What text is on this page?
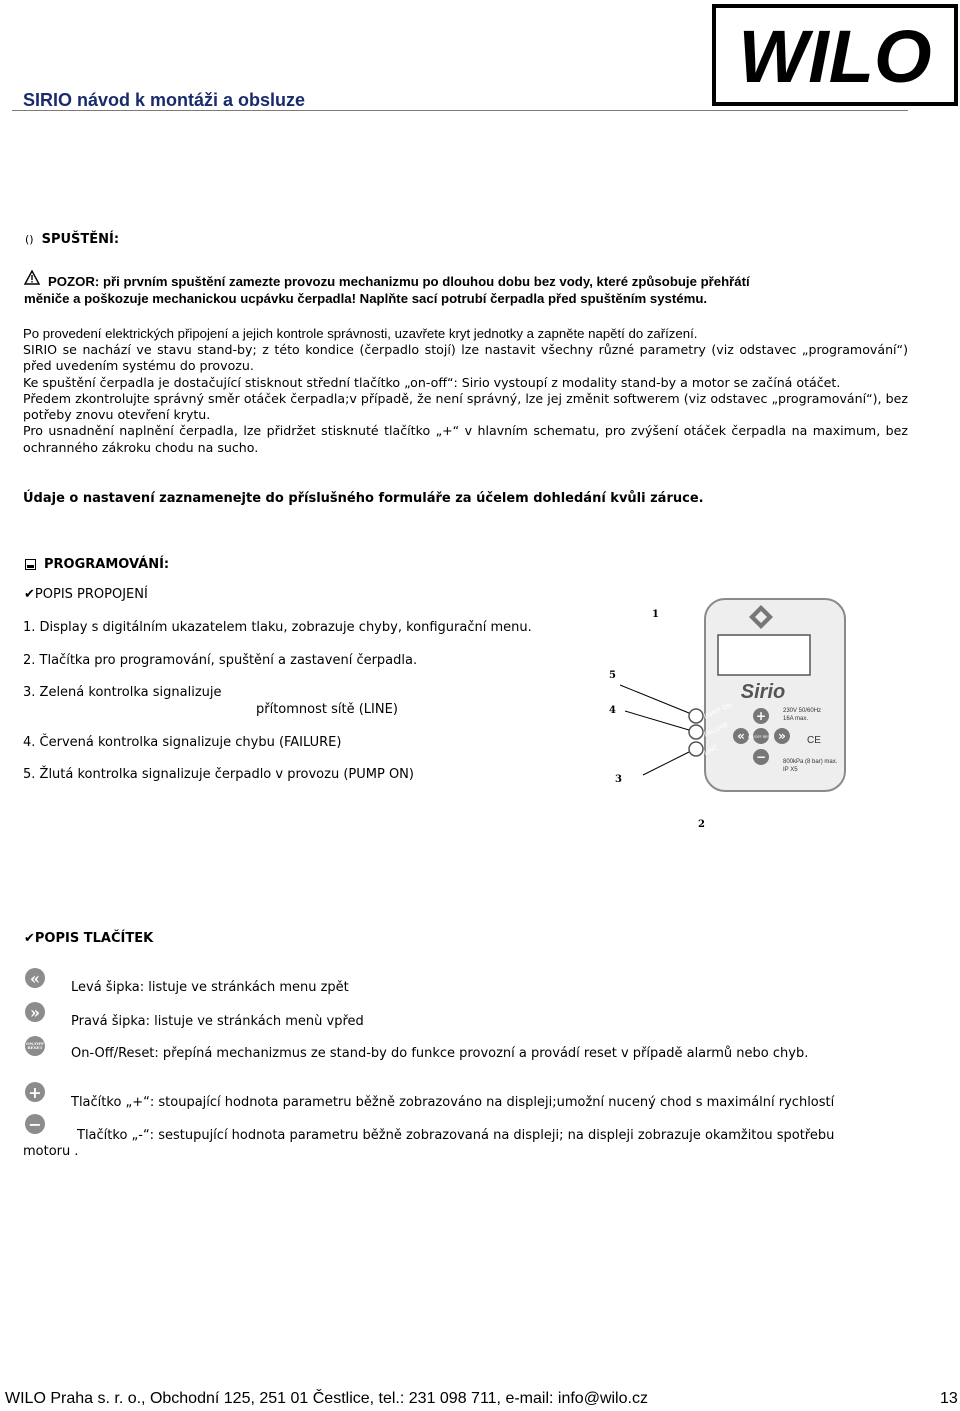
SIRIO návod k montáži a obsluze
WILO
() SPUŠTĚNÍ:
POZOR: při prvním spuštění zamezte provozu mechanizmu po dlouhou dobu bez vody, které způsobuje přehřátí
měniče a poškozuje mechanickou ucpávku čerpadla! Naplňte sací potrubí čerpadla před spuštěním systému.
Po provedení elektrických připojení a jejich kontrole správnosti, uzavřete kryt jednotky a zapněte napětí do zařízení.

SIRIO se nachází ve stavu stand-by; z této kondice (čerpadlo stojí) lze nastavit všechny různé parametry (viz odstavec „programování“) před uvedením systému do provozu.

Ke spuštění čerpadla je dostačující stisknout střední tlačítko „on-off“: Sirio vystoupí z modality stand-by a motor se začíná otáčet.

Předem zkontrolujte správný směr otáček čerpadla;v případě, že není správný, lze jej změnit softwerem (viz odstavec „programování“), bez potřeby znovu otevření krytu.

Pro usnadnění naplnění čerpadla, lze přidržet stisknuté tlačítko „+“ v hlavním schematu, pro zvýšení otáček čerpadla na maximum, bez ochranného zákroku chodu na sucho.

Údaje o nastavení zaznamenejte do příslušného formuláře za účelem dohledání kvůli záruce.
PROGRAMOVÁNÍ:
✔POPIS PROPOJENÍ
1. Display s digitálním ukazatelem tlaku, zobrazuje chyby, konfigurační menu.
2. Tlačítka pro programování, spuštění a zastavení čerpadla.
3. Zelená kontrolka signalizuje
přítomnost sítě (LINE)
4. Červená kontrolka signalizuje chybu (FAILURE)
5. Žlutá kontrolka signalizuje čerpadlo v provozu (PUMP ON)
Sirio
PUMP ON
FAILURE
LINE
+
« ON/OFF RESET »
−
230V 50/60Hz
16A max.
CE
800kPa (8 bar) max.
IP X5
1
5
4
3
2
✔POPIS TLAČÍTEK
«	Levá šipka: listuje ve stránkách menu zpět
»	Pravá šipka: listuje ve stránkách menù vpřed
ON/OFF RESET On-Off/Reset: přepíná mechanizmus ze stand-by do funkce provozní a provádí reset v případě alarmů nebo chyb.
+
Tlačítko „+“: stoupající hodnota parametru běžně zobrazováno na displeji;umožní nucený chod s maximální rychlostí
−
Tlačítko „-“: sestupující hodnota parametru běžně zobrazovaná na displeji; na displeji zobrazuje okamžitou spotřebu
motoru .
WILO Praha s. r. o., Obchodní 125, 251 01 Čestlice, tel.: 231 098 711, e-mail: info@wilo.cz	13
